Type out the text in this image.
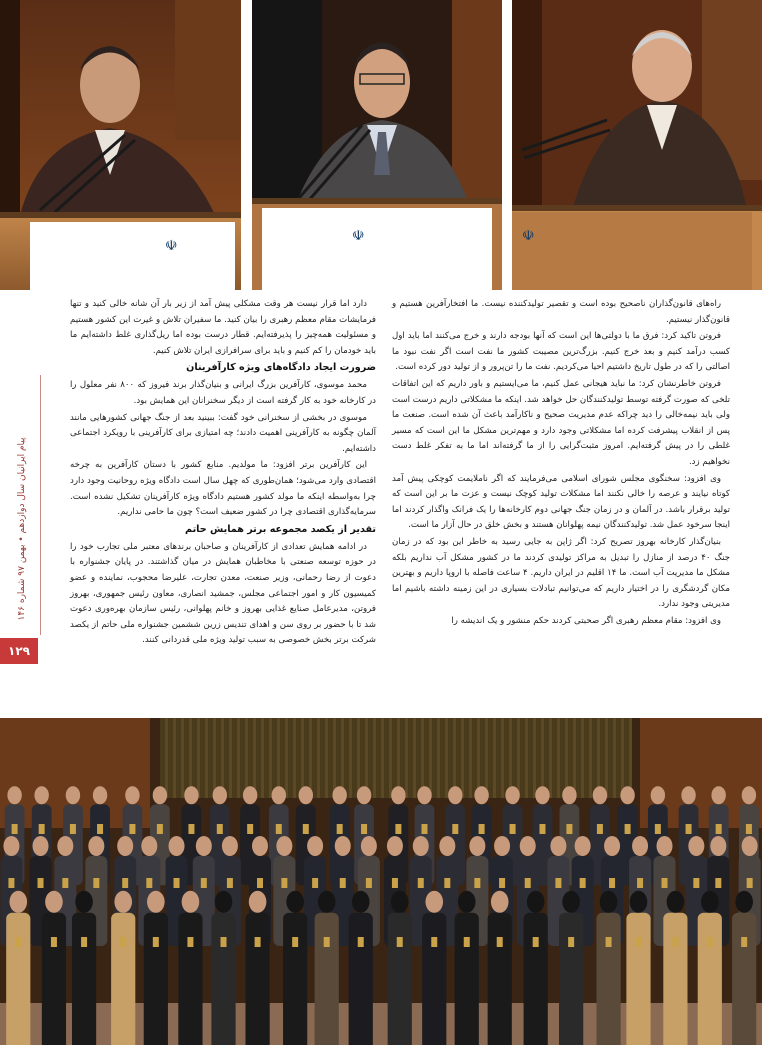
☫
☫	☫
پیام ایرانیان سال دوازدهم • بهمن ۹۷ شماره ۱۴۶
۱۲۹

راه‌های قانون‌گذاران ناصحیح بوده است و تقصیر تولیدکننده نیست. ما افتخارآفرین هستیم و قانون‌گذار نیستیم.

فروتن تاکید کرد: فرق ما با دولتی‌ها این است که آنها بودجه دارند و خرج می‌کنند اما باید اول کسب درآمد کنیم و بعد خرج کنیم. بزرگ‌ترین مصیبت کشور ما نفت است اگر نفت نبود ما اصالتی را که در طول تاریخ داشتیم احیا می‌کردیم. نفت ما را تن‌پرور و از تولید دور کرده است.

فروتن خاطرنشان کرد: ما نباید هیجانی عمل کنیم، ما می‌ایستیم و باور داریم که این اتفاقات تلخی که صورت گرفته توسط تولیدکنندگان حل خواهد شد. اینکه ما مشکلاتی داریم درست است ولی باید نیمه‌خالی را دید چراکه عدم مدیریت صحیح و ناکارآمد باعث آن شده است. صنعت ما پس از انقلاب پیشرفت کرده اما مشکلاتی وجود دارد و مهم‌ترین مشکل ما این است که مسیر غلطی را در پیش گرفته‌ایم. امروز مثبت‌گرایی را از ما گرفته‌اند اما ما به تفکر غلط دست نخواهیم زد.

وی افزود: سخنگوی مجلس شورای اسلامی می‌فرمایند که اگر ناملایمت کوچکی پیش آمد کوتاه نیایند و عرصه را خالی نکنند اما مشکلات تولید کوچک نیست و عزت ما بر این است که تولید برقرار باشد. در آلمان و در زمان جنگ جهانی دوم کارخانه‌ها را یک فرانک واگذار کردند اما اینجا سرخود عمل شد. تولیدکنندگان نیمه پهلوانان هستند و بخش خلق در حال آزار ما است.

بنیان‌گذار کارخانه بهروز تصریح کرد: اگر ژاپن به جایی رسید به خاطر این بود که در زمان جنگ ۴۰ درصد از منازل را تبدیل به مراکز تولیدی کردند ما در کشور مشکل آب نداریم بلکه مشکل ما مدیریت آب است. ما ۱۴ اقلیم در ایران داریم. ۴ ساعت فاصله با اروپا داریم و بهترین مکان گردشگری را در اختیار داریم که می‌توانیم تبادلات بسیاری در این زمینه داشته باشیم اما مدیریتی وجود ندارد.

وی افزود: مقام معظم رهبری اگر صحبتی کردند حکم منشور و یک اندیشه را

دارد اما قرار نیست هر وقت مشکلی پیش آمد از زیر بار آن شانه خالی کنید و تنها فرمایشات مقام معظم رهبری را بیان کنید. ما سفیران تلاش و غیرت این کشور هستیم و مسئولیت همه‌چیز را پذیرفته‌ایم. قطار درست بوده اما ریل‌گذاری غلط داشته‌ایم ما باید خودمان را کم کنیم و باید برای سرافرازی ایران تلاش کنیم.

ضرورت ایجاد دادگاه‌های ویژه کارآفرینان

محمد موسوی، کارآفرین بزرگ ایرانی و بنیان‌گذار برند فیروز که ۸۰۰ نفر معلول را در کارخانه خود به کار گرفته است از دیگر سخنرانان این همایش بود.

موسوی در بخشی از سخنرانی خود گفت: ببینید بعد از جنگ جهانی کشورهایی مانند آلمان چگونه به کارآفرینی اهمیت دادند؛ چه امتیازی برای کارآفرینی با رویکرد اجتماعی داشته‌ایم.

این کارآفرین برتر افزود: ما مولدیم. منابع کشور با دستان کارآفرین به چرخه اقتصادی وارد می‌شود؛ همان‌طوری که چهل سال است دادگاه ویژه روحانیت وجود دارد چرا به‌واسطه اینکه ما مولد کشور هستیم دادگاه ویژه کارآفرینان تشکیل نشده است. سرمایه‌گذاری اقتصادی چرا در کشور ضعیف است؟ چون ما حامی نداریم.

تقدیر از یکصد مجموعه برتر همایش حاتم

در ادامه همایش تعدادی از کارآفرینان و صاحبان برندهای معتبر ملی تجارب خود را در حوزه توسعه صنعتی با مخاطبان همایش در میان گذاشتند. در پایان جشنواره با دعوت از رضا رحمانی، وزیر صنعت، معدن تجارت، علیرضا محجوب، نماینده و عضو کمیسیون کار و امور اجتماعی مجلس، جمشید انصاری، معاون رئیس جمهوری، بهروز فروتن، مدیرعامل صنایع غذایی بهروز و خانم پهلوانی، رئیس سازمان بهره‌وری دعوت شد تا با حضور بر روی سن و اهدای تندیس زرین ششمین جشنواره ملی حاتم از یکصد شرکت برتر بخش خصوصی به سبب تولید ویژه ملی قدردانی کنند.
